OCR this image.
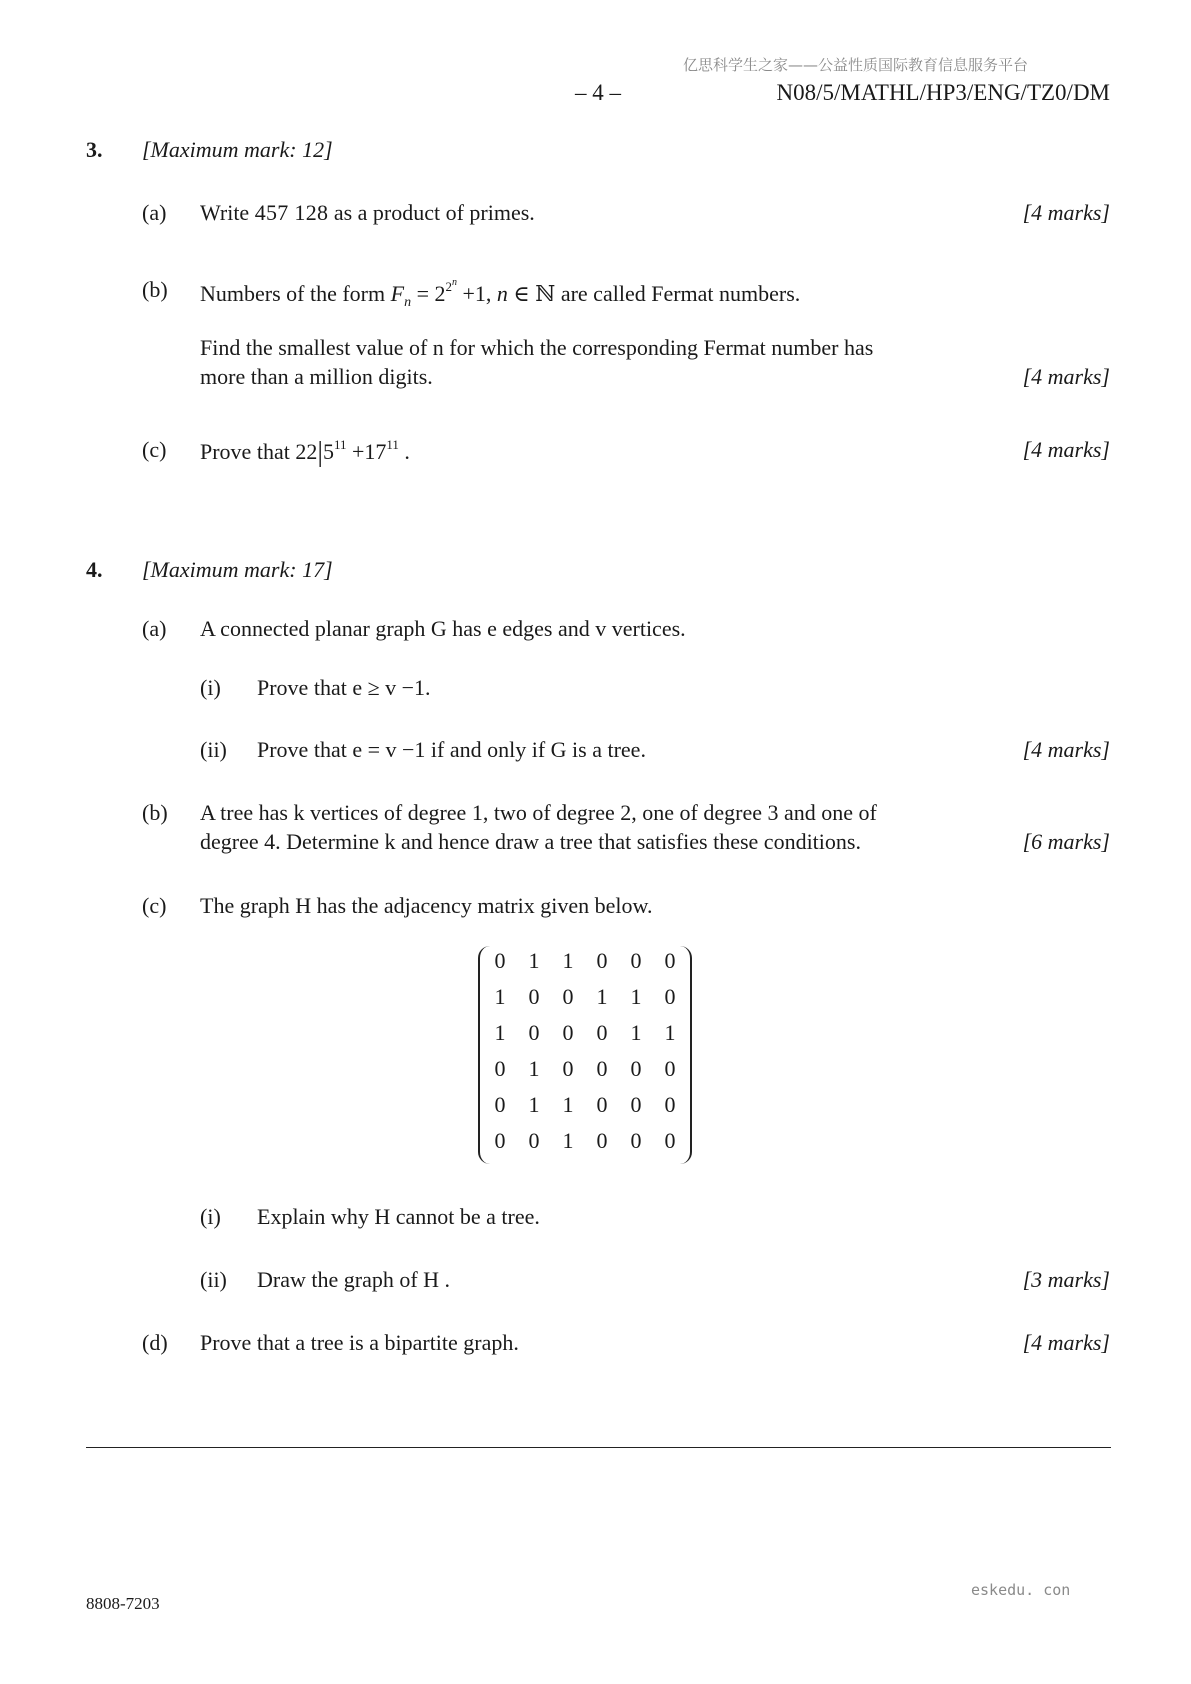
亿思科学生之家——公益性质国际教育信息服务平台
– 4 –	N08/5/MATHL/HP3/ENG/TZ0/DM
3. [Maximum mark: 12]
(a)	Write 457 128 as a product of primes.	[4 marks]
(b)	Numbers of the form $F_n = 2^{2n} +1$, n ∈ ℕ are called Fermat numbers.
Find the smallest value of n for which the corresponding Fermat number has
more than a million digits.	[4 marks]
(c)	Prove that $22|5^{11} +17^{11}$ .	[4 marks]
4. [Maximum mark: 17]
(a)	A connected planar graph G has e edges and v vertices.
(i)	Prove that e ≥ v −1.
(ii)	Prove that e = v −1 if and only if G is a tree.	[4 marks]
(b)	A tree has k vertices of degree 1, two of degree 2, one of degree 3 and one of
degree 4. Determine k and hence draw a tree that satisfies these conditions.	[6 marks]
(c)	The graph H has the adjacency matrix given below.
0	1	1	0	0	0
1	0	0	1	1	0
1	0	0	0	1	1
0	1	0	0	0	0
0	1	1	0	0	0
0	0	1	0	0	0
(i)	Explain why H cannot be a tree.
(ii)	Draw the graph of H .	[3 marks]
(d)	Prove that a tree is a bipartite graph.	[4 marks]
eskedu. con
8808-7203
